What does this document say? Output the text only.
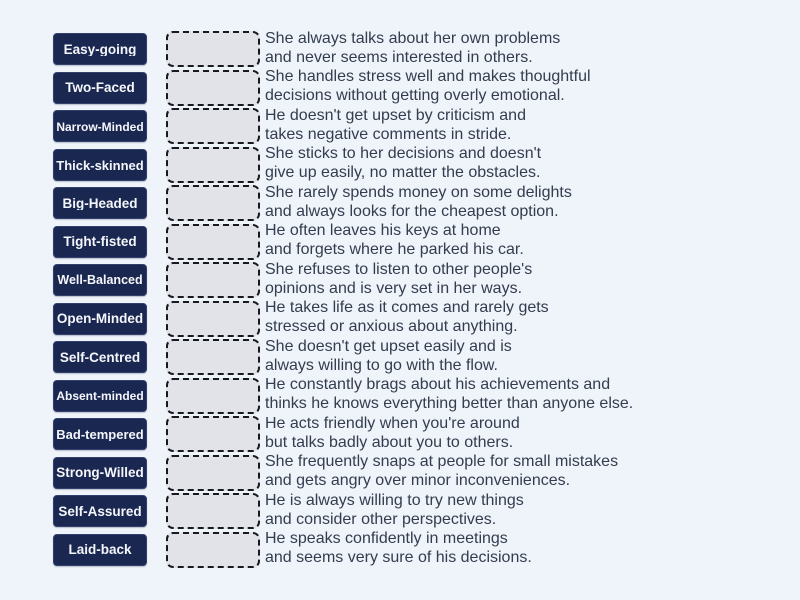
Easy-going
She always talks about her own problems
and never seems interested in others.
Two-Faced
She handles stress well and makes thoughtful
decisions without getting overly emotional.
Narrow-Minded
He doesn't get upset by criticism and
takes negative comments in stride.
Thick-skinned
She sticks to her decisions and doesn't
give up easily, no matter the obstacles.
Big-Headed
She rarely spends money on some delights
and always looks for the cheapest option.
Tight-fisted
He often leaves his keys at home
and forgets where he parked his car.
Well-Balanced
She refuses to listen to other people's
opinions and is very set in her ways.
Open-Minded
He takes life as it comes and rarely gets
stressed or anxious about anything.
Self-Centred
She doesn't get upset easily and is
always willing to go with the flow.
Absent-minded
He constantly brags about his achievements and
thinks he knows everything better than anyone else.
Bad-tempered
He acts friendly when you're around
but talks badly about you to others.
Strong-Willed
She frequently snaps at people for small mistakes
and gets angry over minor inconveniences.
Self-Assured
He is always willing to try new things
and consider other perspectives.
Laid-back
He speaks confidently in meetings
and seems very sure of his decisions.
